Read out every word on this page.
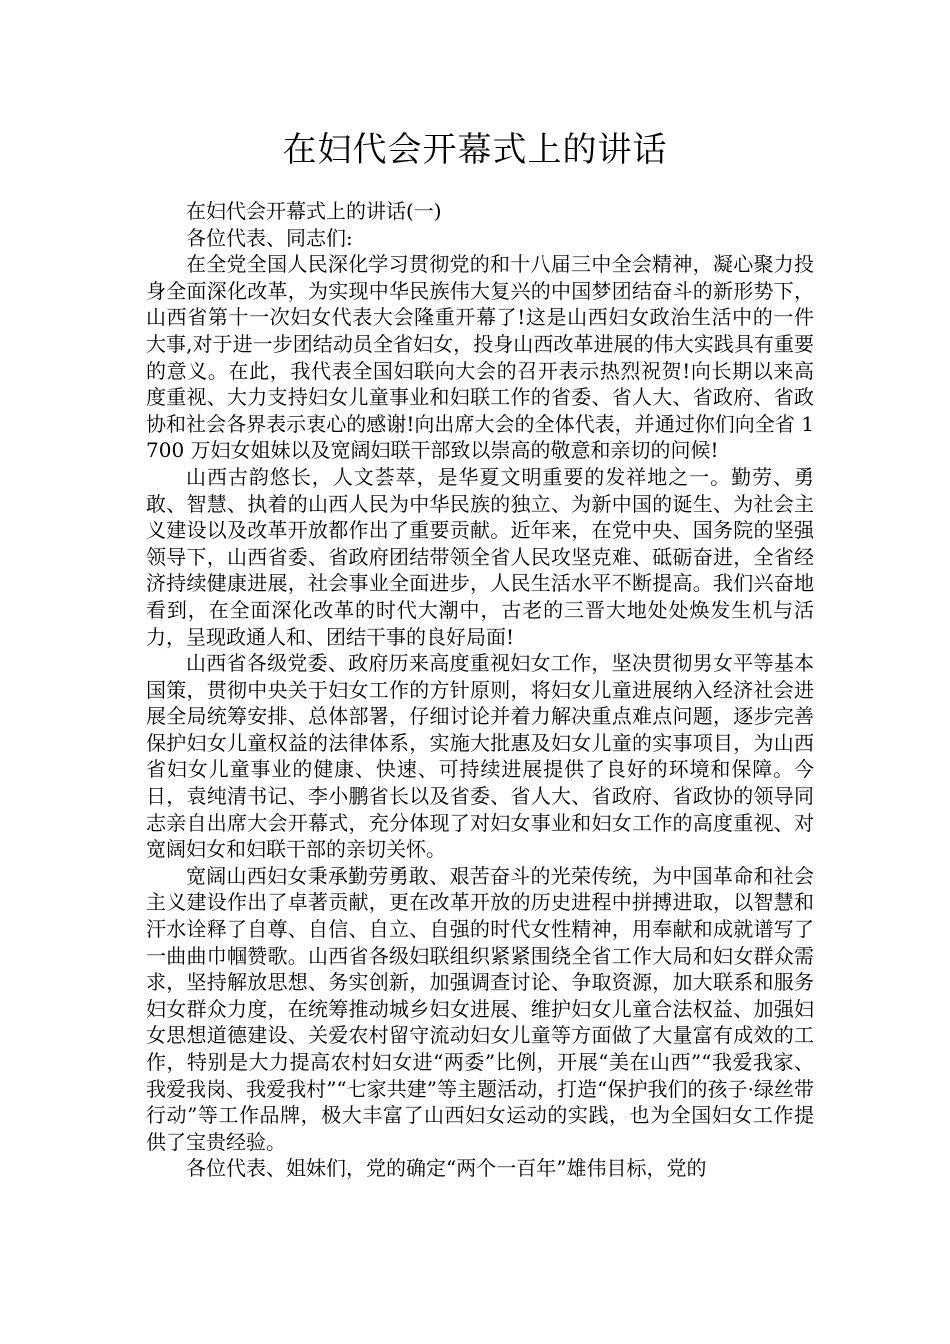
在妇代会开幕式上的讲话

在妇代会开幕式上的讲话(一)

各位代表、同志们:

在全党全国人民深化学习贯彻党的和十八届三中全会精神，凝心聚力投身全面深化改革，为实现中华民族伟大复兴的中国梦团结奋斗的新形势下，山西省第十一次妇女代表大会隆重开幕了!这是山西妇女政治生活中的一件大事,对于进一步团结动员全省妇女，投身山西改革进展的伟大实践具有重要的意义。在此，我代表全国妇联向大会的召开表示热烈祝贺!向长期以来高度重视、大力支持妇女儿童事业和妇联工作的省委、省人大、省政府、省政协和社会各界表示衷心的感谢!向出席大会的全体代表，并通过你们向全省 1700 万妇女姐妹以及宽阔妇联干部致以崇高的敬意和亲切的问候!

山西古韵悠长，人文荟萃，是华夏文明重要的发祥地之一。勤劳、勇敢、智慧、执着的山西人民为中华民族的独立、为新中国的诞生、为社会主义建设以及改革开放都作出了重要贡献。近年来，在党中央、国务院的坚强领导下，山西省委、省政府团结带领全省人民攻坚克难、砥砺奋进，全省经济持续健康进展，社会事业全面进步，人民生活水平不断提高。我们兴奋地看到，在全面深化改革的时代大潮中，古老的三晋大地处处焕发生机与活力，呈现政通人和、团结干事的良好局面!

山西省各级党委、政府历来高度重视妇女工作，坚决贯彻男女平等基本国策，贯彻中央关于妇女工作的方针原则，将妇女儿童进展纳入经济社会进展全局统筹安排、总体部署，仔细讨论并着力解决重点难点问题，逐步完善保护妇女儿童权益的法律体系，实施大批惠及妇女儿童的实事项目，为山西省妇女儿童事业的健康、快速、可持续进展提供了良好的环境和保障。今日，袁纯清书记、李小鹏省长以及省委、省人大、省政府、省政协的领导同志亲自出席大会开幕式，充分体现了对妇女事业和妇女工作的高度重视、对宽阔妇女和妇联干部的亲切关怀。

宽阔山西妇女秉承勤劳勇敢、艰苦奋斗的光荣传统，为中国革命和社会主义建设作出了卓著贡献，更在改革开放的历史进程中拼搏进取，以智慧和汗水诠释了自尊、自信、自立、自强的时代女性精神，用奉献和成就谱写了一曲曲巾帼赞歌。山西省各级妇联组织紧紧围绕全省工作大局和妇女群众需求，坚持解放思想、务实创新，加强调查讨论、争取资源，加大联系和服务妇女群众力度，在统筹推动城乡妇女进展、维护妇女儿童合法权益、加强妇女思想道德建设、关爱农村留守流动妇女儿童等方面做了大量富有成效的工作，特别是大力提高农村妇女进“两委”比例，开展“美在山西”“我爱我家、我爱我岗、我爱我村”“七家共建”等主题活动，打造“保护我们的孩子·绿丝带行动”等工作品牌，极大丰富了山西妇女运动的实践，也为全国妇女工作提供了宝贵经验。

各位代表、姐妹们，党的确定“两个一百年”雄伟目标，党的
